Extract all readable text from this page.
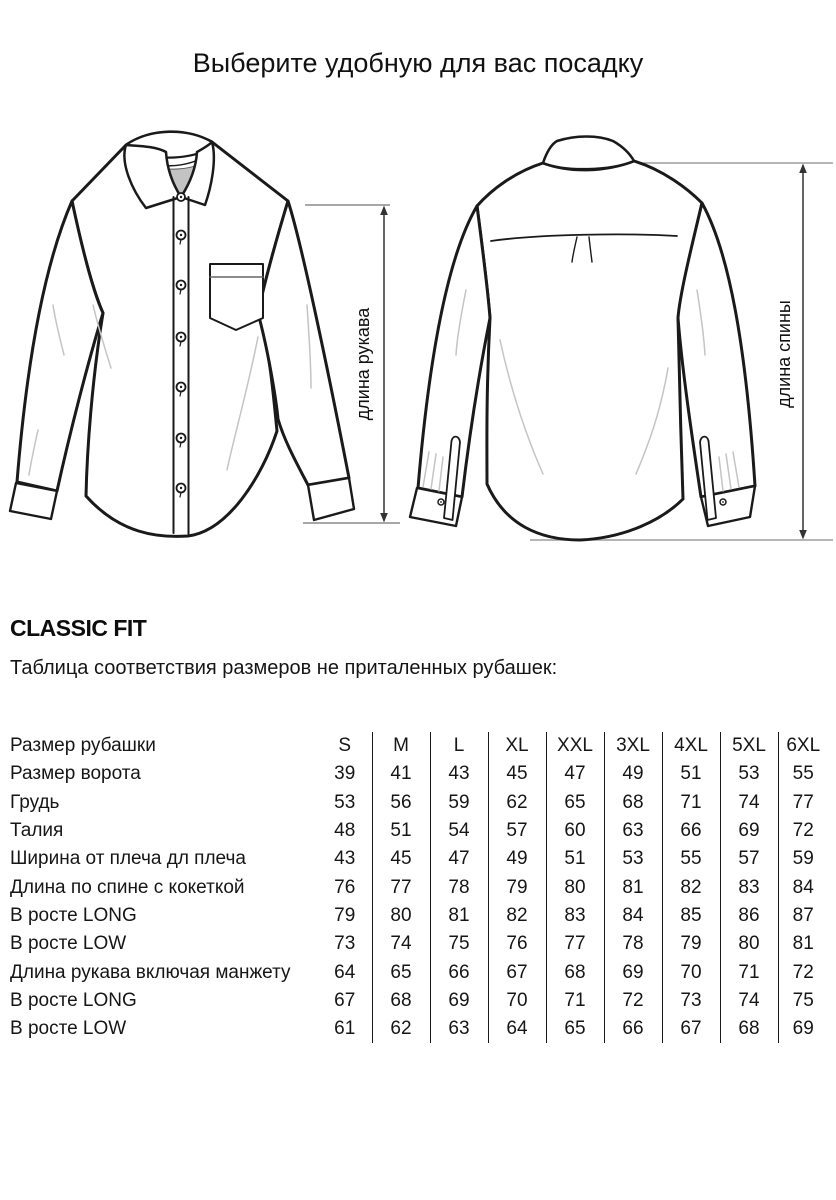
Выберите удобную для вас посадку
длина рукава	длина спины
CLASSIC FIT
Таблица соответствия размеров не приталенных рубашек:
Размер рубашки	S	M	L	XL	XXL	3XL	4XL	5XL	6XL
Размер ворота	39	41	43	45	47	49	51	53	55
Грудь	53	56	59	62	65	68	71	74	77
Талия	48	51	54	57	60	63	66	69	72
Ширина от плеча дл плеча	43	45	47	49	51	53	55	57	59
Длина по спине с кокеткой	76	77	78	79	80	81	82	83	84
В росте LONG	79	80	81	82	83	84	85	86	87
В росте LOW	73	74	75	76	77	78	79	80	81
Длина рукава включая манжету	64	65	66	67	68	69	70	71	72
В росте LONG	67	68	69	70	71	72	73	74	75
В росте LOW	61	62	63	64	65	66	67	68	69
